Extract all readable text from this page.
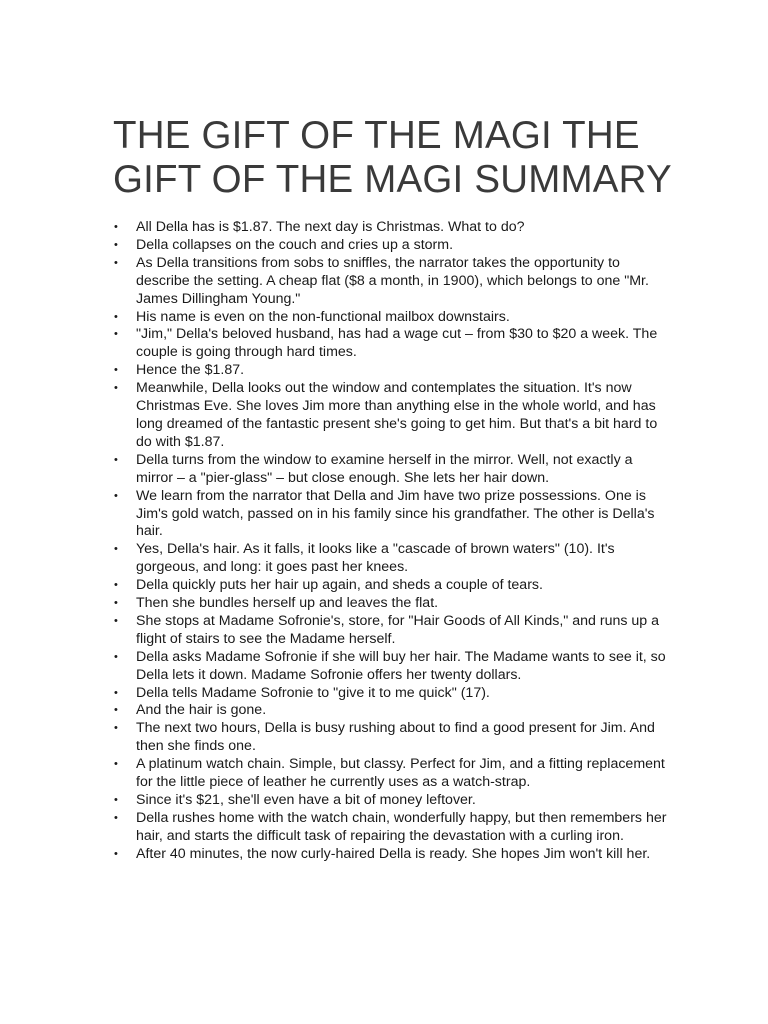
THE GIFT OF THE MAGI THE GIFT OF THE MAGI SUMMARY
• All Della has is $1.87. The next day is Christmas. What to do?
• Della collapses on the couch and cries up a storm.
• As Della transitions from sobs to sniffles, the narrator takes the opportunity to describe the setting. A cheap flat ($8 a month, in 1900), which belongs to one "Mr. James Dillingham Young."
• His name is even on the non-functional mailbox downstairs.
• "Jim," Della's beloved husband, has had a wage cut – from $30 to $20 a week. The couple is going through hard times.
• Hence the $1.87.
• Meanwhile, Della looks out the window and contemplates the situation. It's now Christmas Eve. She loves Jim more than anything else in the whole world, and has long dreamed of the fantastic present she's going to get him. But that's a bit hard to do with $1.87.
• Della turns from the window to examine herself in the mirror. Well, not exactly a mirror – a "pier-glass" – but close enough. She lets her hair down.
• We learn from the narrator that Della and Jim have two prize possessions. One is Jim's gold watch, passed on in his family since his grandfather. The other is Della's hair.
• Yes, Della's hair. As it falls, it looks like a "cascade of brown waters" (10). It's gorgeous, and long: it goes past her knees.
• Della quickly puts her hair up again, and sheds a couple of tears.
• Then she bundles herself up and leaves the flat.
• She stops at Madame Sofronie's, store, for "Hair Goods of All Kinds," and runs up a flight of stairs to see the Madame herself.
• Della asks Madame Sofronie if she will buy her hair. The Madame wants to see it, so Della lets it down. Madame Sofronie offers her twenty dollars.
• Della tells Madame Sofronie to "give it to me quick" (17).
• And the hair is gone.
• The next two hours, Della is busy rushing about to find a good present for Jim. And then she finds one.
• A platinum watch chain. Simple, but classy. Perfect for Jim, and a fitting replacement for the little piece of leather he currently uses as a watch-strap.
• Since it's $21, she'll even have a bit of money leftover.
• Della rushes home with the watch chain, wonderfully happy, but then remembers her hair, and starts the difficult task of repairing the devastation with a curling iron.
• After 40 minutes, the now curly-haired Della is ready. She hopes Jim won't kill her.
